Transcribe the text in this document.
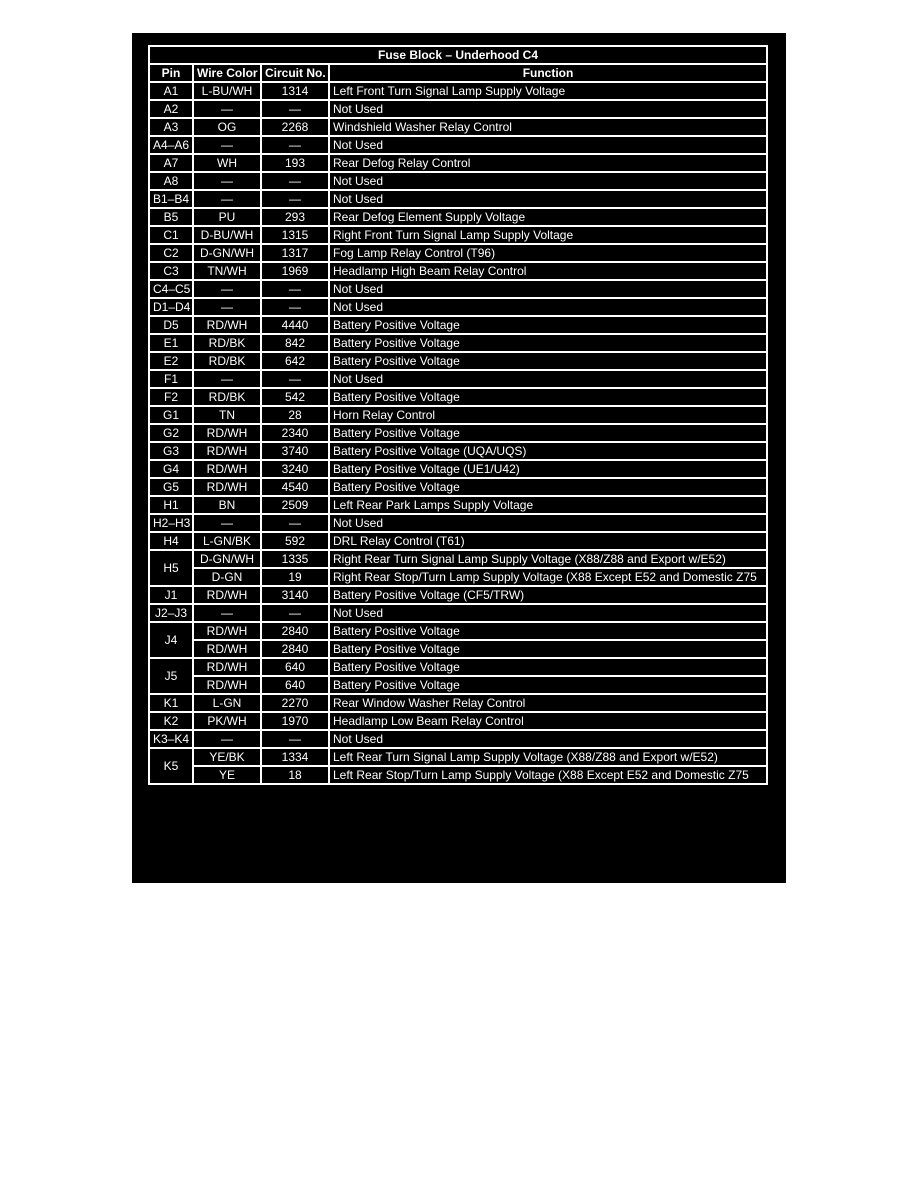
Fuse Block – Underhood C4			
Pin	Wire Color	Circuit No.	Function
A1	L-BU/WH	1314	Left Front Turn Signal Lamp Supply Voltage
A2	—	—	Not Used
A3	OG	2268	Windshield Washer Relay Control
A4–A6	—	—	Not Used
A7	WH	193	Rear Defog Relay Control
A8	—	—	Not Used
B1–B4	—	—	Not Used
B5	PU	293	Rear Defog Element Supply Voltage
C1	D-BU/WH	1315	Right Front Turn Signal Lamp Supply Voltage
C2	D-GN/WH	1317	Fog Lamp Relay Control (T96)
C3	TN/WH	1969	Headlamp High Beam Relay Control
C4–C5	—	—	Not Used
D1–D4	—	—	Not Used
D5	RD/WH	4440	Battery Positive Voltage
E1	RD/BK	842	Battery Positive Voltage
E2	RD/BK	642	Battery Positive Voltage
F1	—	—	Not Used
F2	RD/BK	542	Battery Positive Voltage
G1	TN	28	Horn Relay Control
G2	RD/WH	2340	Battery Positive Voltage
G3	RD/WH	3740	Battery Positive Voltage (UQA/UQS)
G4	RD/WH	3240	Battery Positive Voltage (UE1/U42)
G5	RD/WH	4540	Battery Positive Voltage
H1	BN	2509	Left Rear Park Lamps Supply Voltage
H2–H3	—	—	Not Used
H4	L-GN/BK	592	DRL Relay Control (T61)
H5	D-GN/WH	1335	Right Rear Turn Signal Lamp Supply Voltage (X88/Z88 and Export w/E52)
	D-GN	19	Right Rear Stop/Turn Lamp Supply Voltage (X88 Except E52 and Domestic Z75
J1	RD/WH	3140	Battery Positive Voltage (CF5/TRW)
J2–J3	—	—	Not Used
J4	RD/WH	2840	Battery Positive Voltage
	RD/WH	2840	Battery Positive Voltage
J5	RD/WH	640	Battery Positive Voltage
	RD/WH	640	Battery Positive Voltage
K1	L-GN	2270	Rear Window Washer Relay Control
K2	PK/WH	1970	Headlamp Low Beam Relay Control
K3–K4	—	—	Not Used
K5	YE/BK	1334	Left Rear Turn Signal Lamp Supply Voltage (X88/Z88 and Export w/E52)
	YE	18	Left Rear Stop/Turn Lamp Supply Voltage (X88 Except E52 and Domestic Z75
